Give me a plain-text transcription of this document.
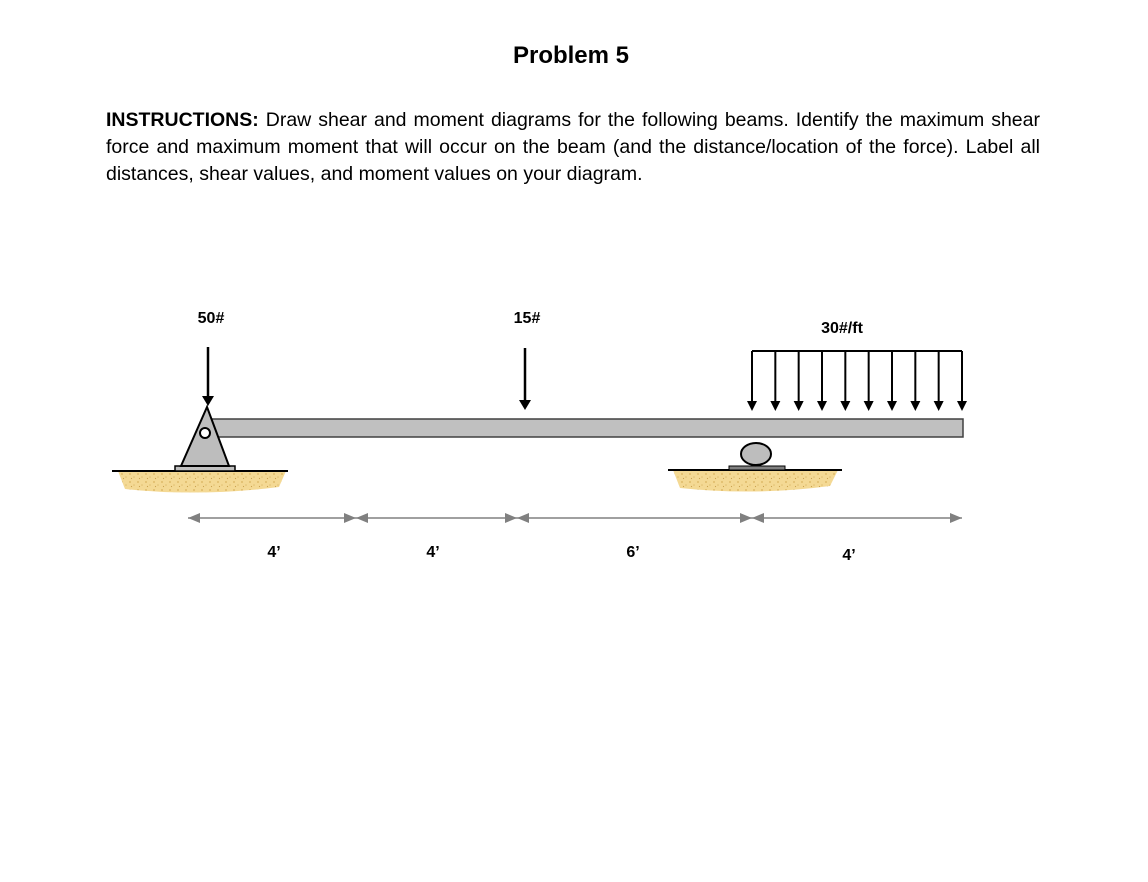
Problem 5
INSTRUCTIONS: Draw shear and moment diagrams for the following beams. Identify the maximum shear force and maximum moment that will occur on the beam (and the distance/location of the force). Label all distances, shear values, and moment values on your diagram.
50#	15#
30#/ft
4’	4’	6’	4’
